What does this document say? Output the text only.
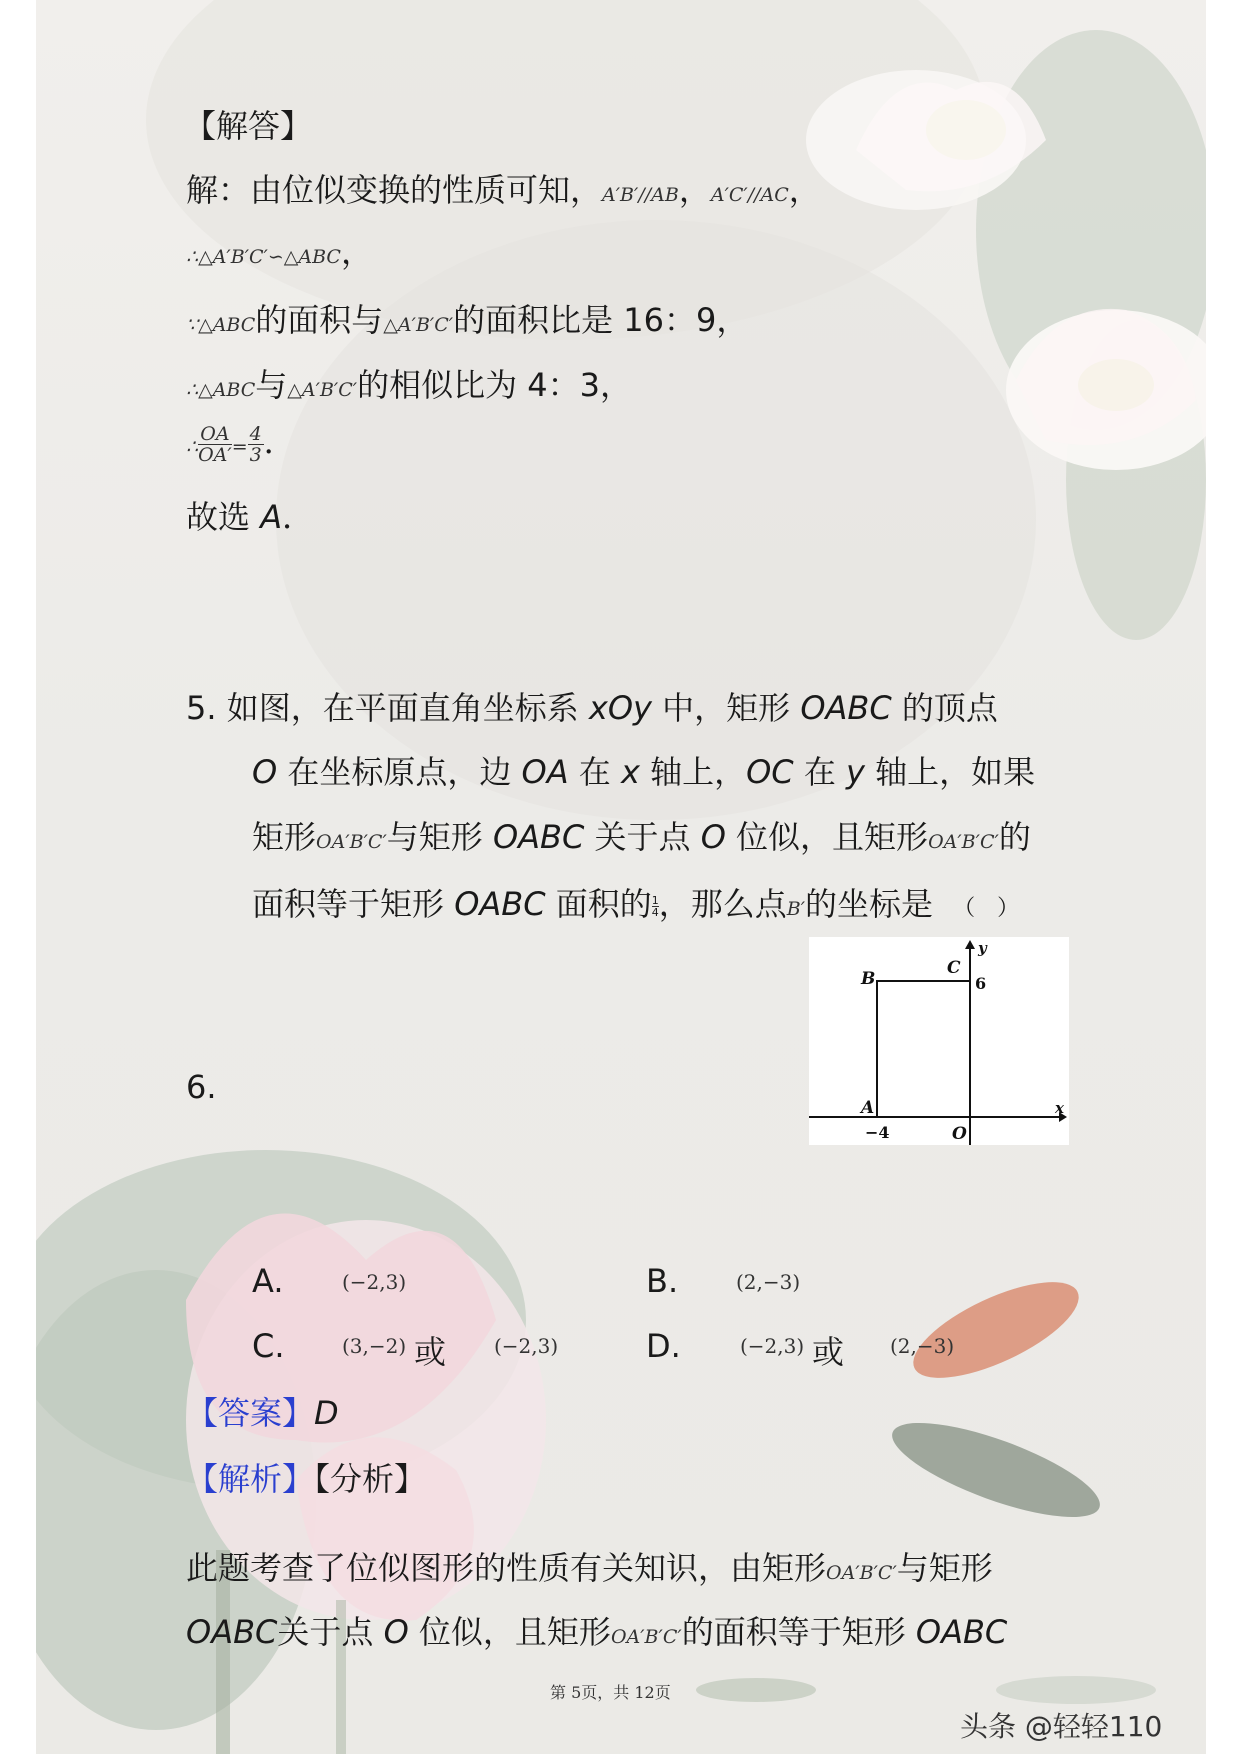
【解答】
解：由位似变换的性质可知，A′B′//AB，A′C′//AC，
∴△A′B′C′∽△ABC，
∵△ABC的面积与△A′B′C′的面积比是 16：9，
∴△ABC与△A′B′C′的相似比为 4：3，
∴ $\frac{OA}{OA'} = \frac{4}{3}$ ．
故选 A．
5. 如图，在平面直角坐标系 xOy 中，矩形 OABC 的顶点
O 在坐标原点，边 OA 在 x 轴上，OC 在 y 轴上，如果
矩形OA′B′C′与矩形 OABC 关于点 O 位似，且矩形OA′B′C′的
面积等于矩形 OABC 面积的 $\frac{1}{4}$ ，那么点B′的坐标是 （　）
6.
B
C
y
6
A
−4	O
x
A.	(−2,3)	B.	(2,−3)
C.	(3,−2) 或 (−2,3)	D.	(−2,3) 或 (2,−3)
【答案】D
【解析】【分析】
此题考查了位似图形的性质有关知识，由矩形OA′B′C′与矩形
OABC关于点 O 位似，且矩形OA′B′C′的面积等于矩形 OABC
第 5页，共 12页
头条 @轻轻110
